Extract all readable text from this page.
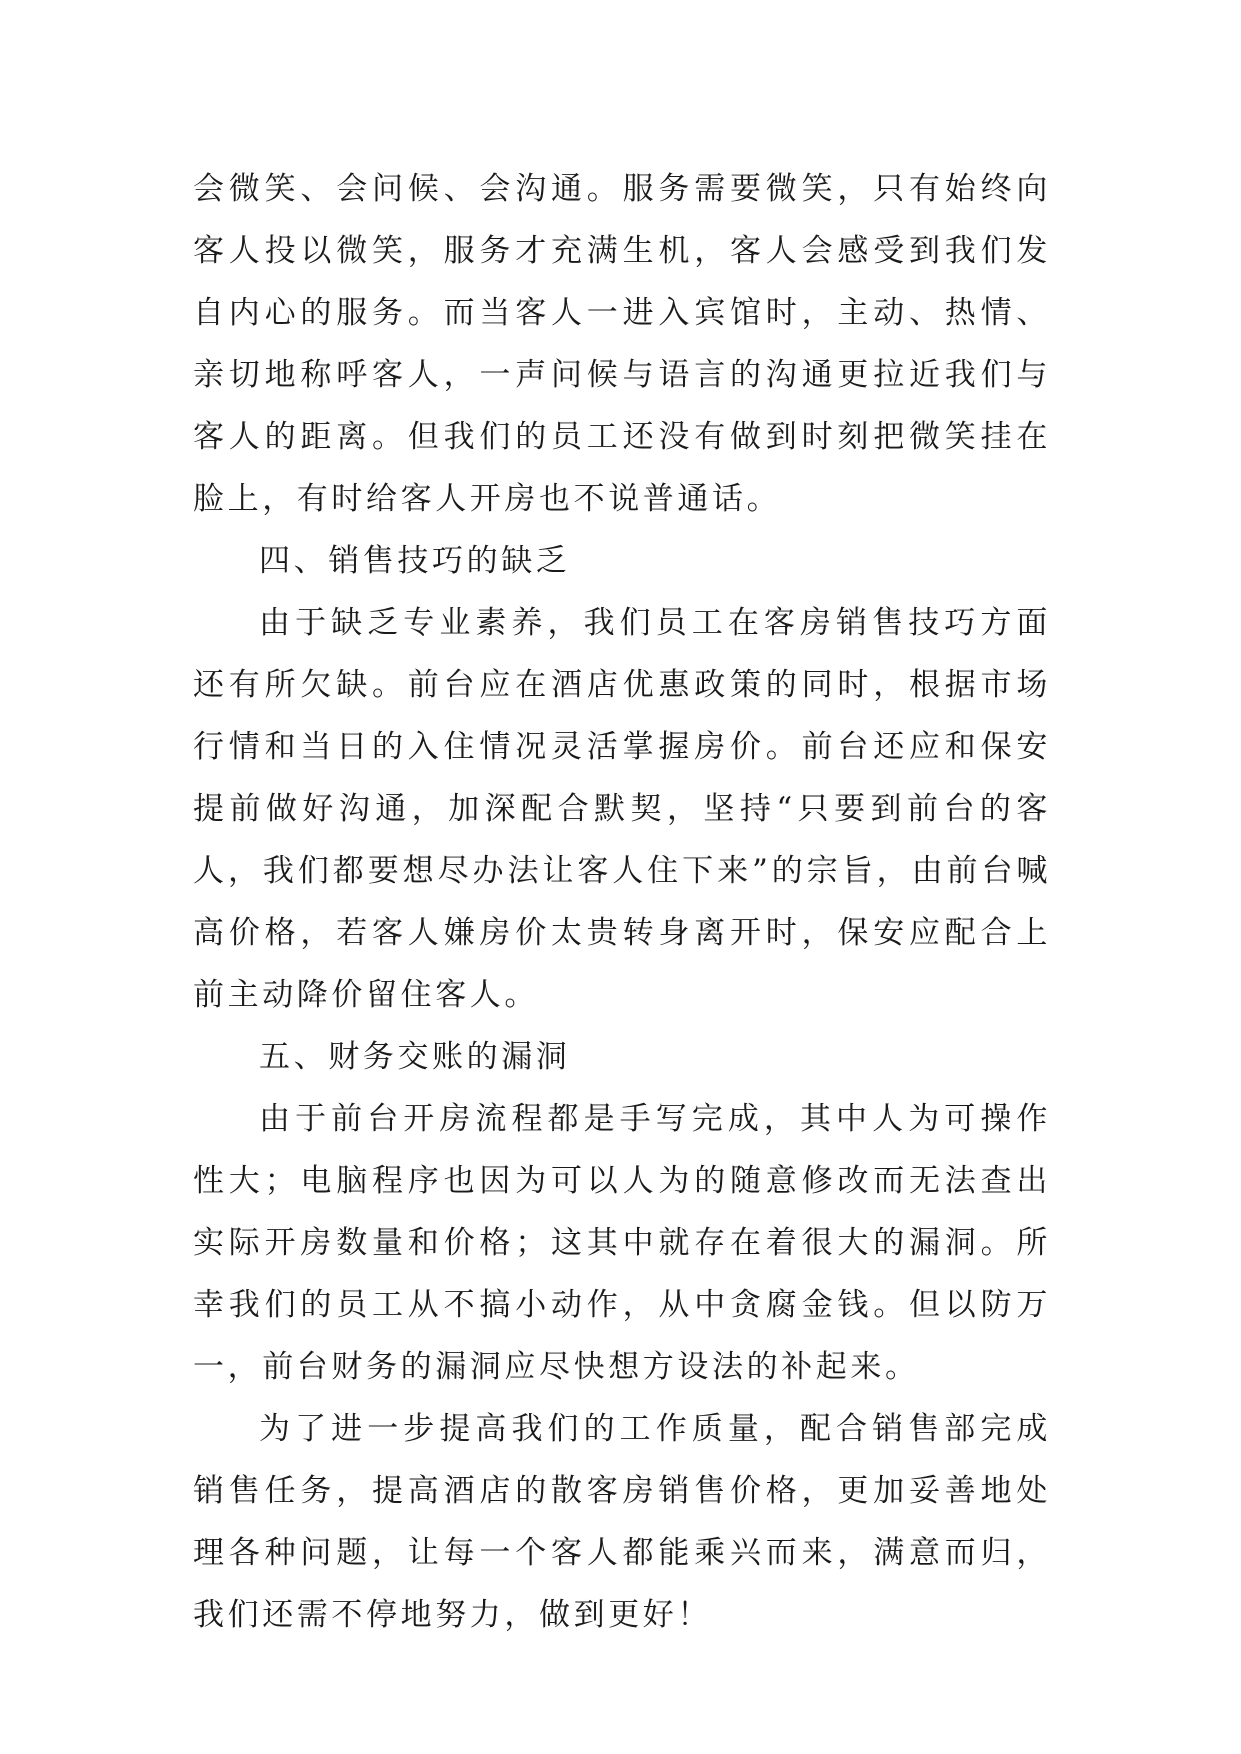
会微笑、会问候、会沟通。服务需要微笑，只有始终向客人投以微笑，服务才充满生机，客人会感受到我们发自内心的服务。而当客人一进入宾馆时，主动、热情、亲切地称呼客人，一声问候与语言的沟通更拉近我们与客人的距离。但我们的员工还没有做到时刻把微笑挂在脸上，有时给客人开房也不说普通话。

四、销售技巧的缺乏

由于缺乏专业素养，我们员工在客房销售技巧方面还有所欠缺。前台应在酒店优惠政策的同时，根据市场行情和当日的入住情况灵活掌握房价。前台还应和保安提前做好沟通，加深配合默契，坚持“只要到前台的客人，我们都要想尽办法让客人住下来”的宗旨，由前台喊高价格，若客人嫌房价太贵转身离开时，保安应配合上前主动降价留住客人。

五、财务交账的漏洞

由于前台开房流程都是手写完成，其中人为可操作性大；电脑程序也因为可以人为的随意修改而无法查出实际开房数量和价格；这其中就存在着很大的漏洞。所幸我们的员工从不搞小动作，从中贪腐金钱。但以防万一，前台财务的漏洞应尽快想方设法的补起来。

为了进一步提高我们的工作质量，配合销售部完成销售任务，提高酒店的散客房销售价格，更加妥善地处理各种问题，让每一个客人都能乘兴而来，满意而归，我们还需不停地努力，做到更好！
